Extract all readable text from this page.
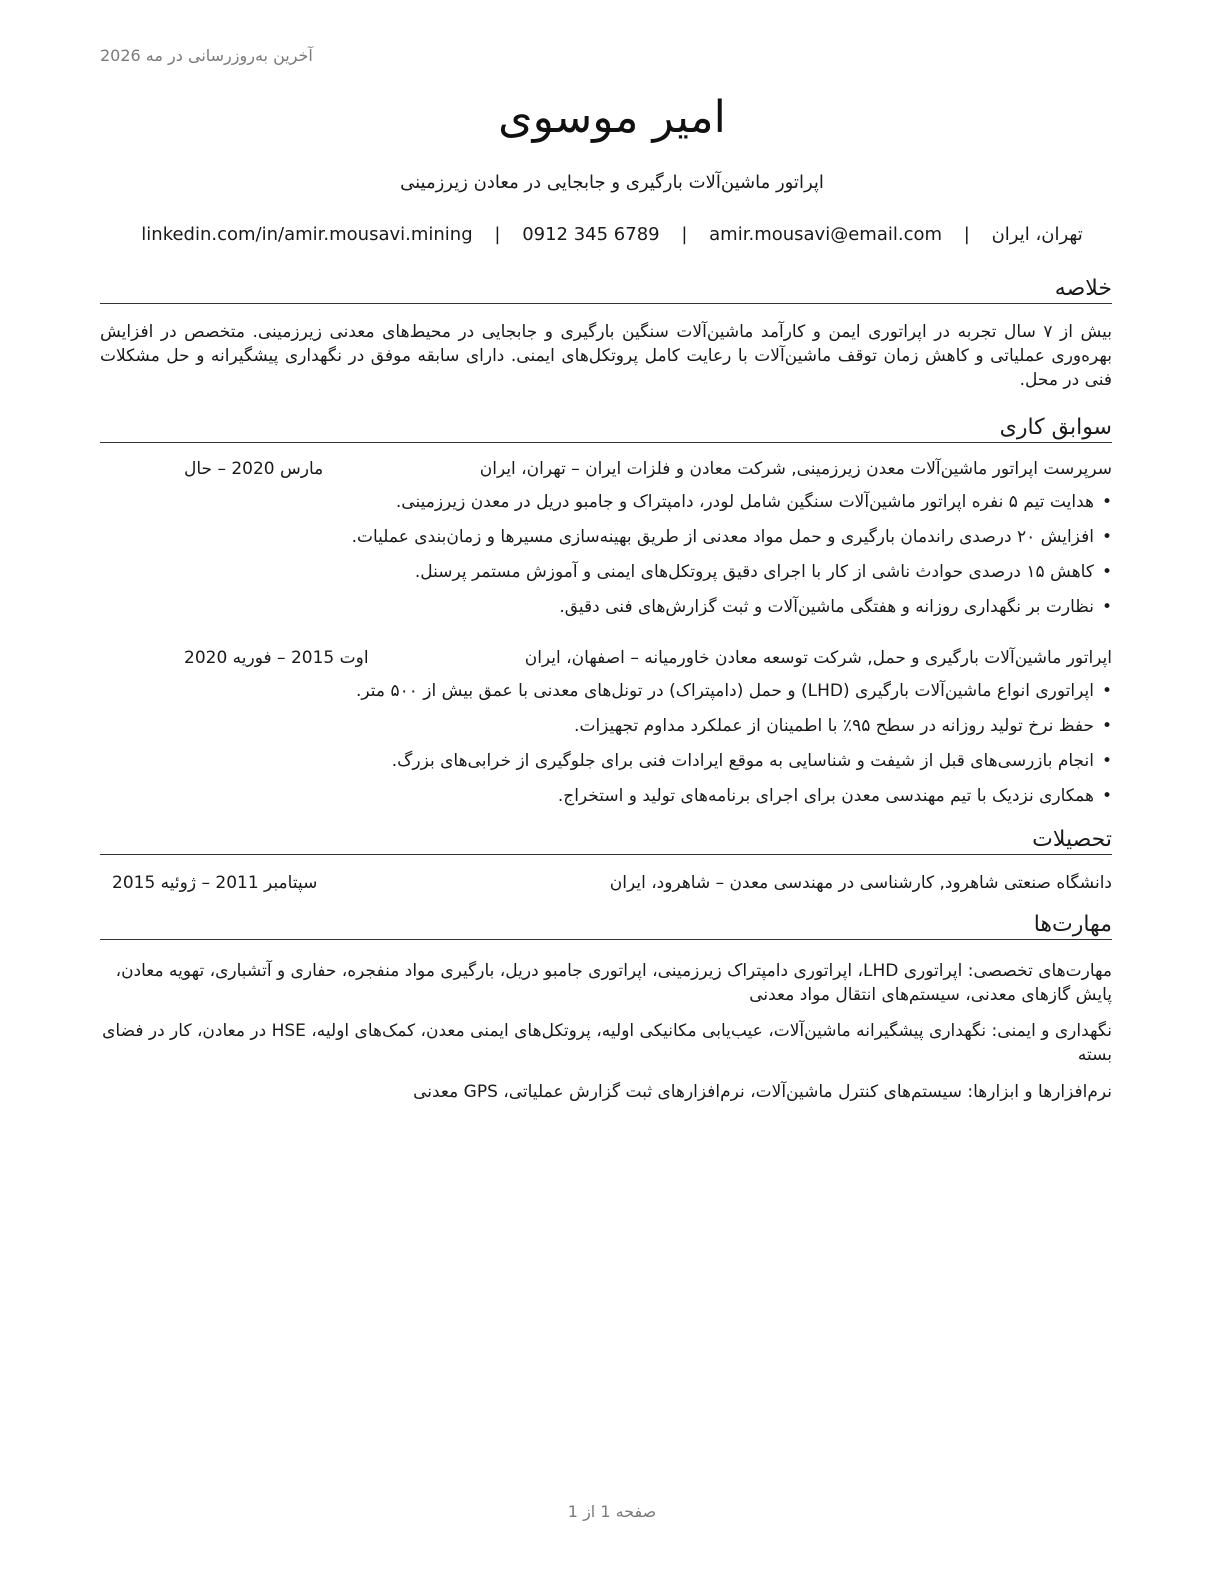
آخرین به‌روزرسانی در مه 2026
امیر موسوی
اپراتور ماشین‌آلات بارگیری و جابجایی در معادن زیرزمینی
تهران، ایران | amir.mousavi@email.com | 0912 345 6789 | linkedin.com/in/amir.mousavi.mining
خلاصه
بیش از ۷ سال تجربه در اپراتوری ایمن و کارآمد ماشین‌آلات سنگین بارگیری و جابجایی در محیط‌های معدنی زیرزمینی. متخصص در افزایش بهره‌وری عملیاتی و کاهش زمان توقف ماشین‌آلات با رعایت کامل پروتکل‌های ایمنی. دارای سابقه موفق در نگهداری پیشگیرانه و حل مشکلات فنی در محل.
سوابق کاری
سرپرست اپراتور ماشین‌آلات معدن زیرزمینی, شرکت معادن و فلزات ایران – تهران، ایران
مارس 2020 – حال
• هدایت تیم ۵ نفره اپراتور ماشین‌آلات سنگین شامل لودر، دامپتراک و جامبو دریل در معدن زیرزمینی.
• افزایش ۲۰ درصدی راندمان بارگیری و حمل مواد معدنی از طریق بهینه‌سازی مسیرها و زمان‌بندی عملیات.
• کاهش ۱۵ درصدی حوادث ناشی از کار با اجرای دقیق پروتکل‌های ایمنی و آموزش مستمر پرسنل.
• نظارت بر نگهداری روزانه و هفتگی ماشین‌آلات و ثبت گزارش‌های فنی دقیق.
اپراتور ماشین‌آلات بارگیری و حمل, شرکت توسعه معادن خاورمیانه – اصفهان، ایران
اوت 2015 – فوریه 2020
• اپراتوری انواع ماشین‌آلات بارگیری (LHD) و حمل (دامپتراک) در تونل‌های معدنی با عمق بیش از ۵۰۰ متر.
• حفظ نرخ تولید روزانه در سطح ۹۵٪ با اطمینان از عملکرد مداوم تجهیزات.
• انجام بازرسی‌های قبل از شیفت و شناسایی به موقع ایرادات فنی برای جلوگیری از خرابی‌های بزرگ.
• همکاری نزدیک با تیم مهندسی معدن برای اجرای برنامه‌های تولید و استخراج.
تحصیلات
دانشگاه صنعتی شاهرود, کارشناسی در مهندسی معدن – شاهرود، ایران
سپتامبر 2011 – ژوئیه 2015
مهارت‌ها
مهارت‌های تخصصی: اپراتوری LHD، اپراتوری دامپتراک زیرزمینی، اپراتوری جامبو دریل، بارگیری مواد منفجره، حفاری و آتشباری، تهویه معادن، پایش گازهای معدنی، سیستم‌های انتقال مواد معدنی
نگهداری و ایمنی: نگهداری پیشگیرانه ماشین‌آلات، عیب‌یابی مکانیکی اولیه، پروتکل‌های ایمنی معدن، کمک‌های اولیه، HSE در معادن، کار در فضای بسته
نرم‌افزارها و ابزارها: سیستم‌های کنترل ماشین‌آلات، نرم‌افزارهای ثبت گزارش عملیاتی، GPS معدنی
صفحه 1 از 1
